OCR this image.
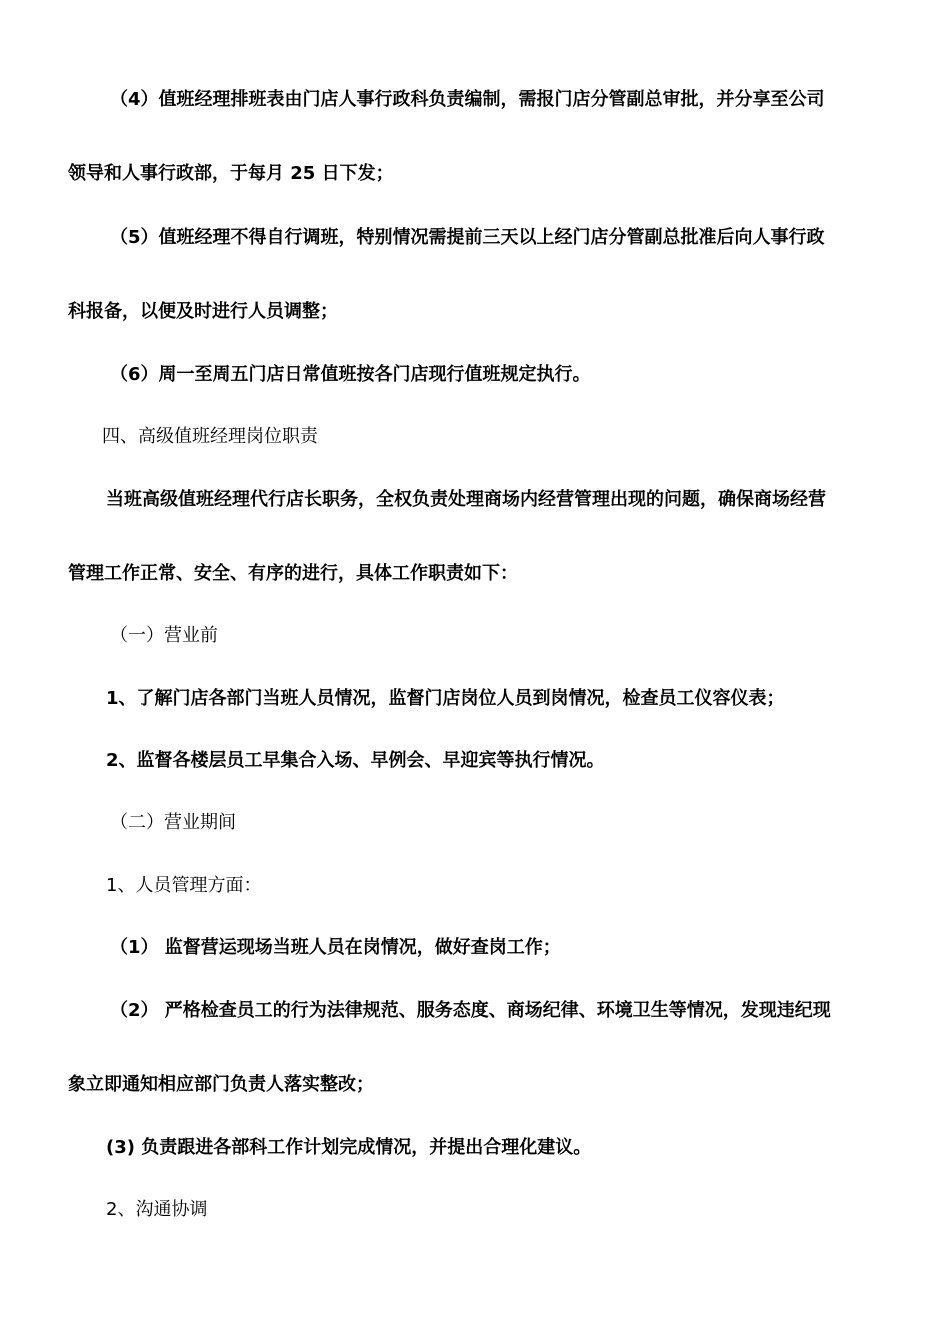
（4）值班经理排班表由门店人事行政科负责编制，需报门店分管副总审批，并分享至公司
领导和人事行政部，于每月 25 日下发；
（5）值班经理不得自行调班，特别情况需提前三天以上经门店分管副总批准后向人事行政
科报备，以便及时进行人员调整；
（6）周一至周五门店日常值班按各门店现行值班规定执行。
四、高级值班经理岗位职责
当班高级值班经理代行店长职务，全权负责处理商场内经营管理出现的问题，确保商场经营
管理工作正常、安全、有序的进行，具体工作职责如下：
（一）营业前
1、了解门店各部门当班人员情况，监督门店岗位人员到岗情况，检查员工仪容仪表；
2、监督各楼层员工早集合入场、早例会、早迎宾等执行情况。
（二）营业期间
1、人员管理方面：
（1） 监督营运现场当班人员在岗情况，做好查岗工作；
（2） 严格检查员工的行为法律规范、服务态度、商场纪律、环境卫生等情况，发现违纪现
象立即通知相应部门负责人落实整改；
(3) 负责跟进各部科工作计划完成情况，并提出合理化建议。
2、沟通协调
